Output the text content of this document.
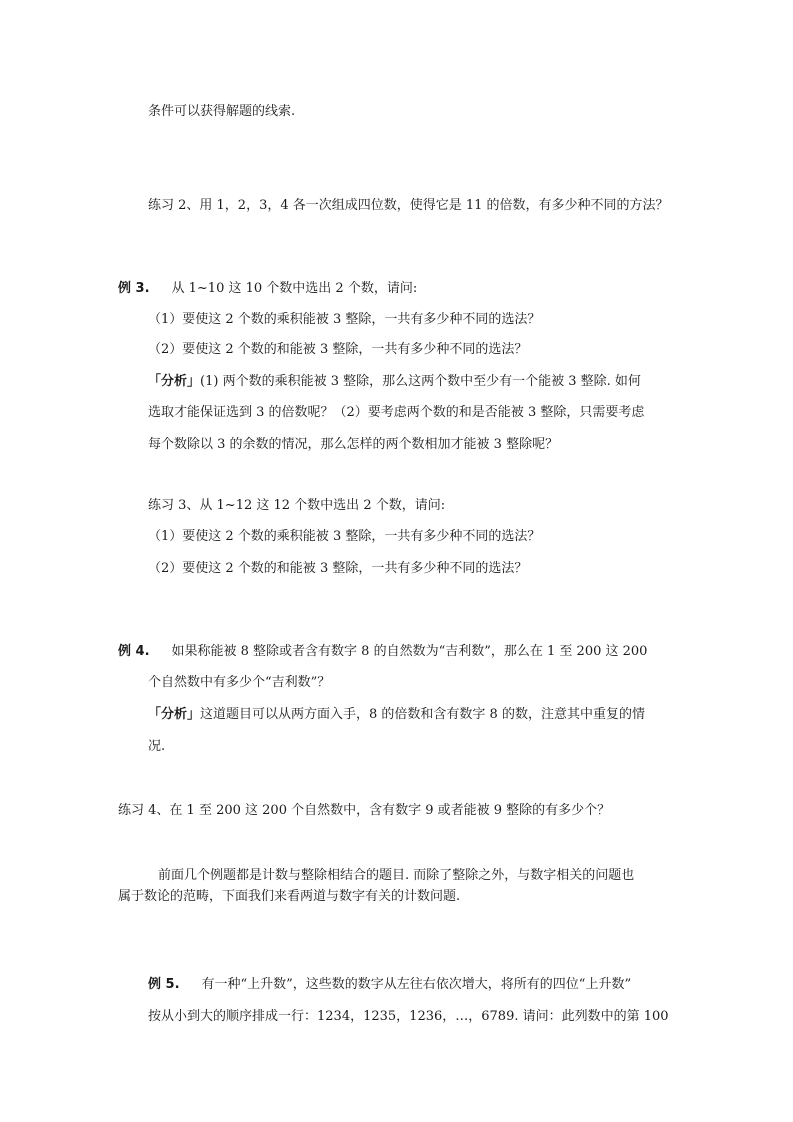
条件可以获得解题的线索.
练习 2、用 1，2，3，4 各一次组成四位数，使得它是 11 的倍数，有多少种不同的方法？
例 3. 从 1~10 这 10 个数中选出 2 个数，请问:
（1）要使这 2 个数的乘积能被 3 整除，一共有多少种不同的选法？
（2）要使这 2 个数的和能被 3 整除，一共有多少种不同的选法？
「分析」(1) 两个数的乘积能被 3 整除，那么这两个数中至少有一个能被 3 整除. 如何
选取才能保证选到 3 的倍数呢？（2）要考虑两个数的和是否能被 3 整除，只需要考虑
每个数除以 3 的余数的情况，那么怎样的两个数相加才能被 3 整除呢？
练习 3、从 1~12 这 12 个数中选出 2 个数，请问:
（1）要使这 2 个数的乘积能被 3 整除，一共有多少种不同的选法？
（2）要使这 2 个数的和能被 3 整除，一共有多少种不同的选法？
例 4. 如果称能被 8 整除或者含有数字 8 的自然数为“吉利数”，那么在 1 至 200 这 200
个自然数中有多少个“吉利数”？
「分析」这道题目可以从两方面入手，8 的倍数和含有数字 8 的数，注意其中重复的情
况.
练习 4、在 1 至 200 这 200 个自然数中，含有数字 9 或者能被 9 整除的有多少个？
前面几个例题都是计数与整除相结合的题目. 而除了整除之外，与数字相关的问题也
属于数论的范畴，下面我们来看两道与数字有关的计数问题.
例 5. 有一种“上升数”，这些数的数字从左往右依次增大，将所有的四位“上升数”
按从小到大的顺序排成一行：1234，1235，1236，…，6789. 请问：此列数中的第 100
